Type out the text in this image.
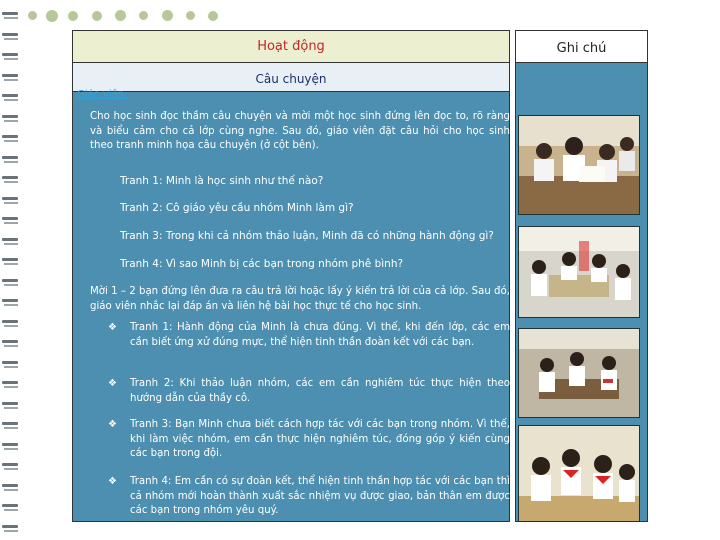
Hoạt động
Câu chuyện
Ghi chú
Giáo viên:
Cho học sinh đọc thầm câu chuyện và mời một học sinh đứng lên đọc to, rõ ràng và biểu cảm cho cả lớp cùng nghe. Sau đó, giáo viên đặt câu hỏi cho học sinh theo tranh minh họa câu chuyện (ở cột bên).
Tranh 1: Minh là học sinh như thế nào?
Tranh 2: Cô giáo yêu cầu nhóm Minh làm gì?
Tranh 3: Trong khi cả nhóm thảo luận, Minh đã có những hành động gì?
Tranh 4: Vì sao Minh bị các bạn trong nhóm phê bình?
Mời 1 – 2 bạn đứng lên đưa ra câu trả lời hoặc lấy ý kiến trả lời của cả lớp. Sau đó, giáo viên nhắc lại đáp án và liên hệ bài học thực tế cho học sinh.
❖ Tranh 1: Hành động của Minh là chưa đúng. Vì thế, khi đến lớp, các em cần biết ứng xử đúng mực, thể hiện tinh thần đoàn kết với các bạn.
❖ Tranh 2: Khi thảo luận nhóm, các em cần nghiêm túc thực hiện theo hướng dẫn của thầy cô.
❖ Tranh 3: Bạn Minh chưa biết cách hợp tác với các bạn trong nhóm. Vì thế, khi làm việc nhóm, em cần thực hiện nghiêm túc, đóng góp ý kiến cùng các bạn trong đội.
❖ Tranh 4: Em cần có sự đoàn kết, thể hiện tinh thần hợp tác với các bạn thì cả nhóm mới hoàn thành xuất sắc nhiệm vụ được giao, bản thân em được các bạn trong nhóm yêu quý.
